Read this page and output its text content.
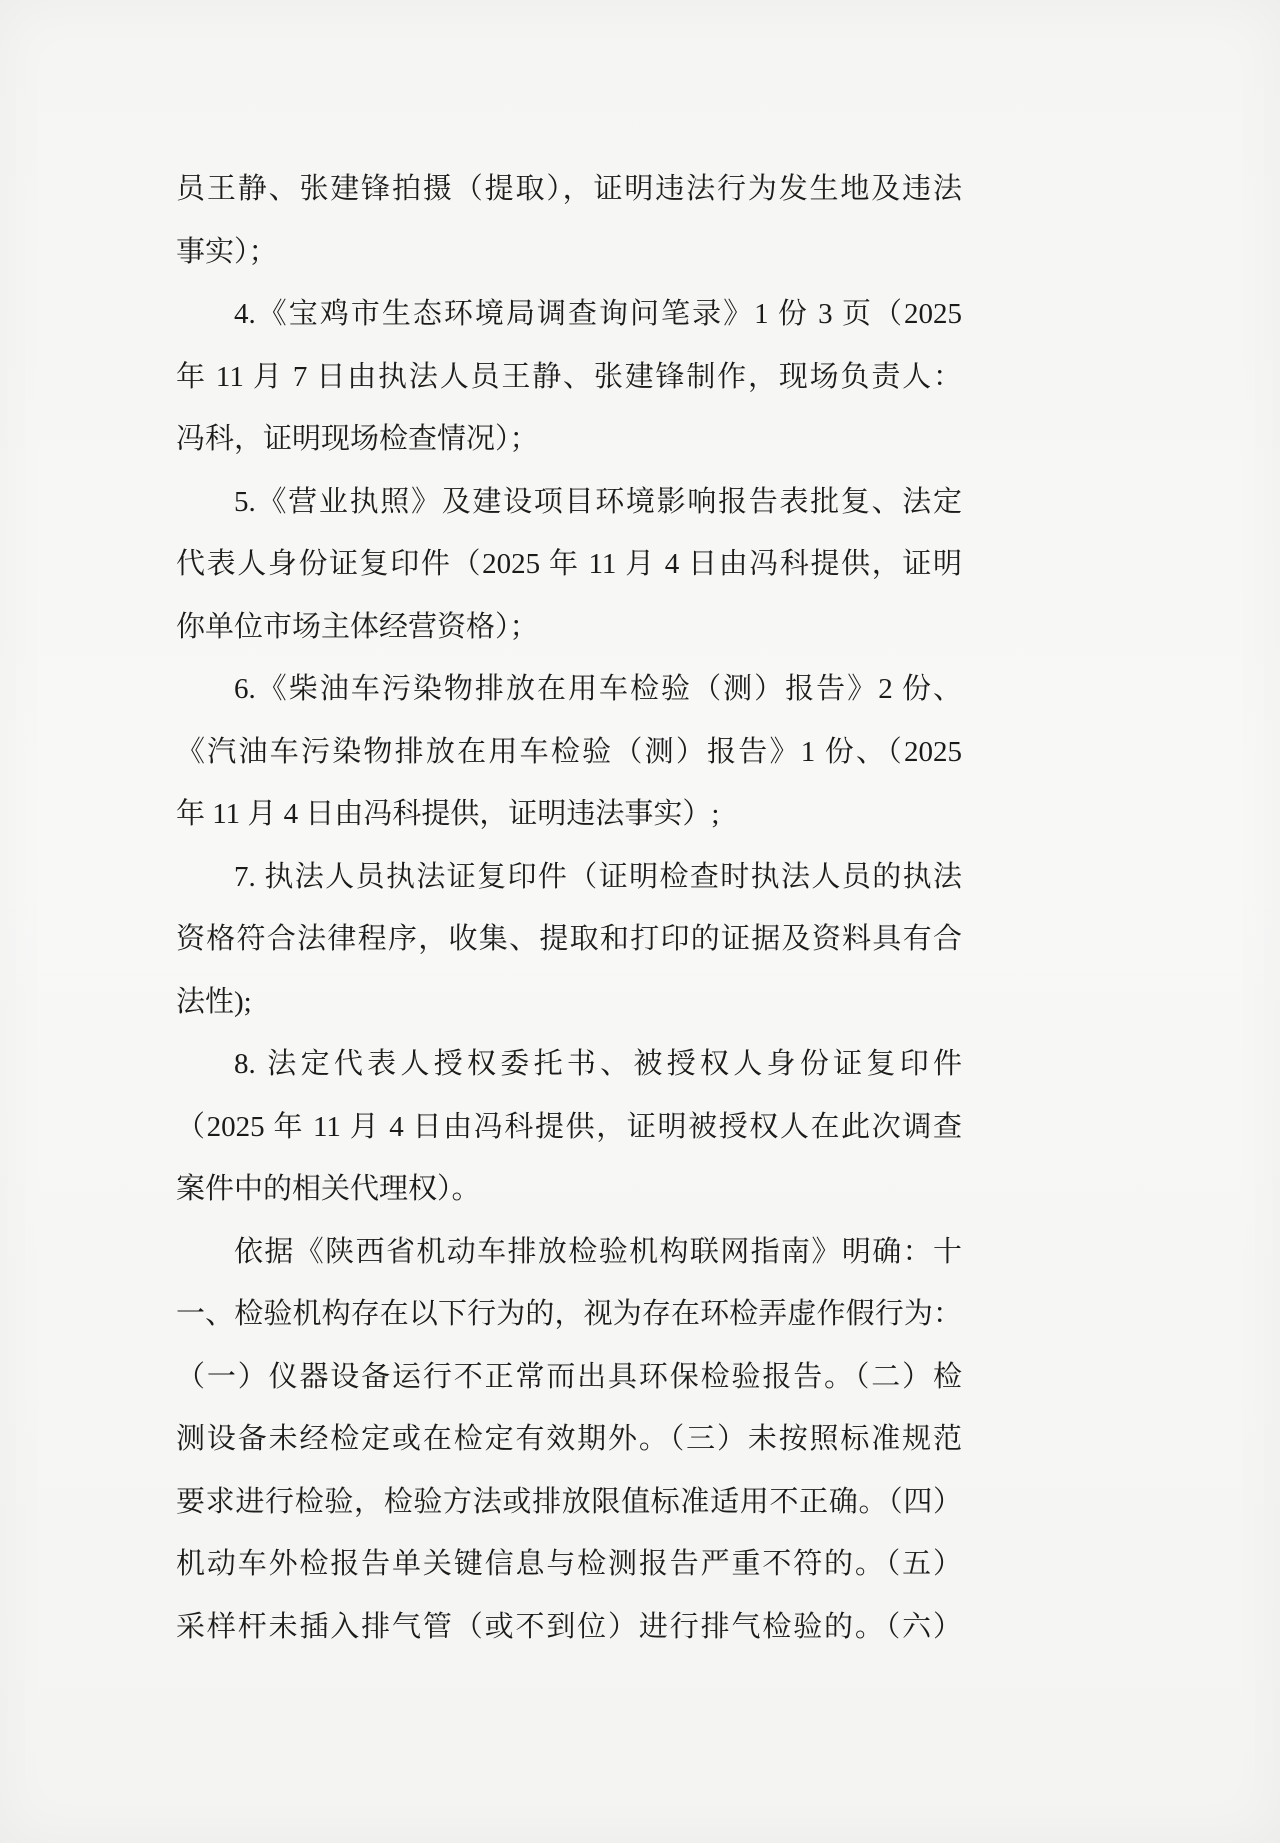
员王静、张建锋拍摄（提取），证明违法行为发生地及违法

事实）；

4.《宝鸡市生态环境局调查询问笔录》1 份 3 页（2025

年 11 月 7 日由执法人员王静、张建锋制作，现场负责人：

冯科，证明现场检查情况）；

5.《营业执照》及建设项目环境影响报告表批复、法定

代表人身份证复印件（2025 年 11 月 4 日由冯科提供，证明

你单位市场主体经营资格）；

6.《柴油车污染物排放在用车检验（测）报告》2 份、

《汽油车污染物排放在用车检验（测）报告》1 份、（2025

年 11 月 4 日由冯科提供，证明违法事实）;

7. 执法人员执法证复印件（证明检查时执法人员的执法

资格符合法律程序，收集、提取和打印的证据及资料具有合

法性);

8. 法定代表人授权委托书、被授权人身份证复印件

（2025 年 11 月 4 日由冯科提供，证明被授权人在此次调查

案件中的相关代理权）。

依据《陕西省机动车排放检验机构联网指南》明确：十

一、检验机构存在以下行为的，视为存在环检弄虚作假行为：

（一）仪器设备运行不正常而出具环保检验报告。（二）检

测设备未经检定或在检定有效期外。（三）未按照标准规范

要求进行检验，检验方法或排放限值标准适用不正确。（四）

机动车外检报告单关键信息与检测报告严重不符的。（五）

采样杆未插入排气管（或不到位）进行排气检验的。（六）
